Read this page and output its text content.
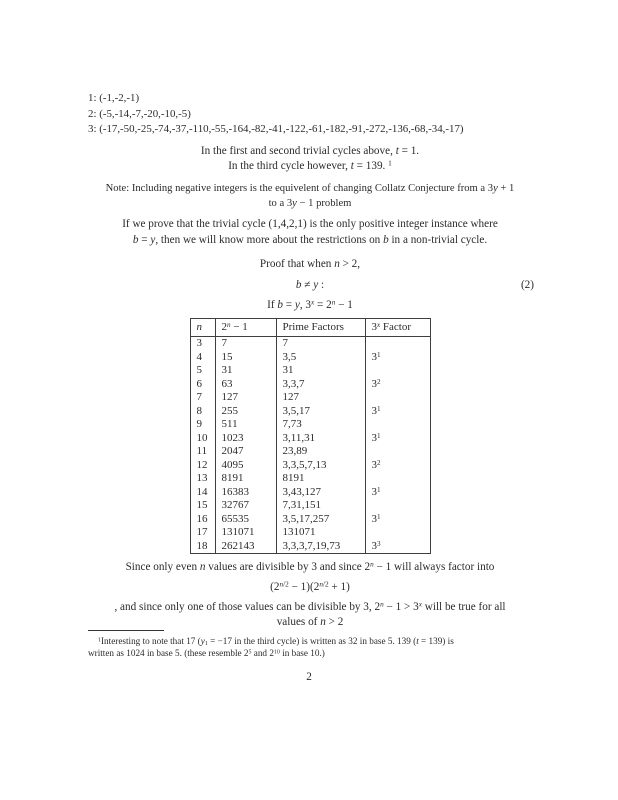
1: (-1,-2,-1)
2: (-5,-14,-7,-20,-10,-5)
3: (-17,-50,-25,-74,-37,-110,-55,-164,-82,-41,-122,-61,-182,-91,-272,-136,-68,-34,-17)
In the first and second trivial cycles above, t = 1.
In the third cycle however, t = 139. $^1$
Note: Including negative integers is the equivelent of changing Collatz Conjecture from a 3y + 1
to a 3y − 1 problem
If we prove that the trivial cycle (1,4,2,1) is the only positive integer instance where
b = y, then we will know more about the restrictions on b in a non-trivial cycle.
Proof that when n > 2,
b ≠ y :	(2)
If b = y, $3^x = 2^n - 1$
n	$2^n - 1$	Prime Factors	3$^x$ Factor
3	7	7	
4	15	3,5	$3^1$
5	31	31	
6	63	3,3,7	$3^2$
7	127	127	
8	255	3,5,17	$3^1$
9	511	7,73	
10	1023	3,11,31	$3^1$
11	2047	23,89	
12	4095	3,3,5,7,13	$3^2$
13	8191	8191	
14	16383	3,43,127	$3^1$
15	32767	7,31,151	
16	65535	3,5,17,257	$3^1$
17	131071	131071	
18	262143	3,3,3,7,19,73	$3^3$
Since only even n values are divisible by 3 and since $2^n - 1$ will always factor into
$(2^{n/2} - 1)(2^{n/2} + 1)$
, and since only one of those values can be divisible by 3, $2^n - 1 > 3^x$ will be true for all
values of n > 2
$^1$Interesting to note that 17 ($y_1 = -17$ in the third cycle) is written as 32 in base 5. 139 (t = 139) is
written as 1024 in base 5. (these resemble $2^5$ and $2^{10}$ in base 10.)
2
